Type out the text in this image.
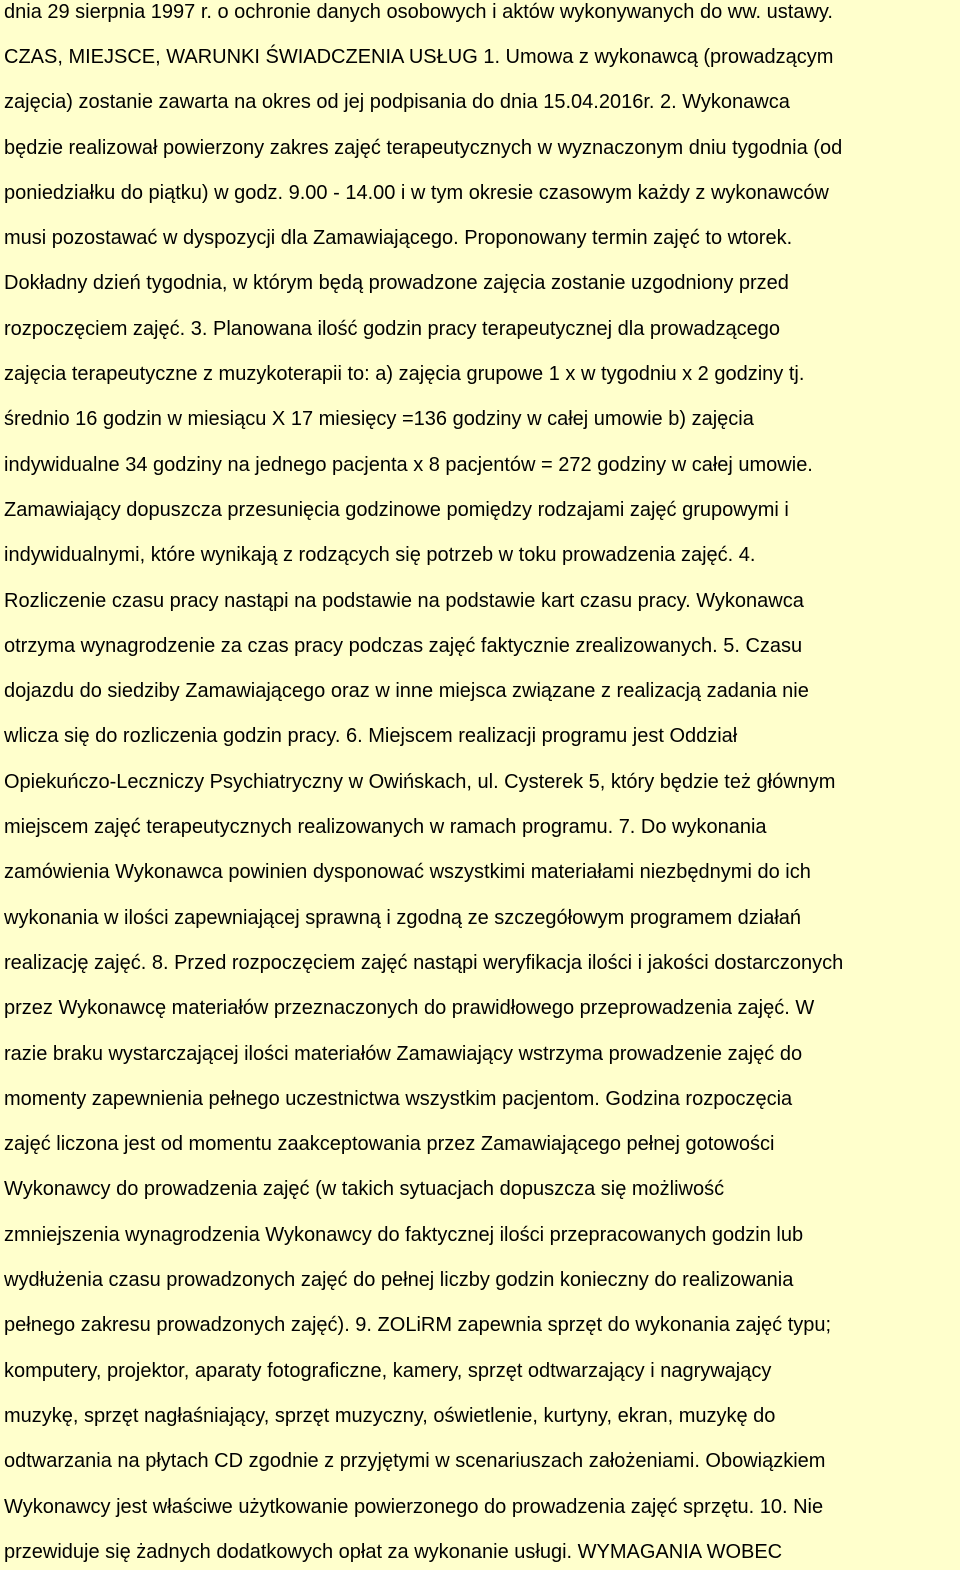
dnia 29 sierpnia 1997 r. o ochronie danych osobowych i aktów wykonywanych do ww. ustawy.

CZAS, MIEJSCE, WARUNKI ŚWIADCZENIA USŁUG 1. Umowa z wykonawcą (prowadzącym

zajęcia) zostanie zawarta na okres od jej podpisania do dnia 15.04.2016r. 2. Wykonawca

będzie realizował powierzony zakres zajęć terapeutycznych w wyznaczonym dniu tygodnia (od

poniedziałku do piątku) w godz. 9.00 - 14.00 i w tym okresie czasowym każdy z wykonawców

musi pozostawać w dyspozycji dla Zamawiającego. Proponowany termin zajęć to wtorek.

Dokładny dzień tygodnia, w którym będą prowadzone zajęcia zostanie uzgodniony przed

rozpoczęciem zajęć. 3. Planowana ilość godzin pracy terapeutycznej dla prowadzącego

zajęcia terapeutyczne z muzykoterapii to: a) zajęcia grupowe 1 x w tygodniu x 2 godziny tj.

średnio 16 godzin w miesiącu X 17 miesięcy =136 godziny w całej umowie b) zajęcia

indywidualne 34 godziny na jednego pacjenta x 8 pacjentów = 272 godziny w całej umowie.

Zamawiający dopuszcza przesunięcia godzinowe pomiędzy rodzajami zajęć grupowymi i

indywidualnymi, które wynikają z rodzących się potrzeb w toku prowadzenia zajęć. 4.

Rozliczenie czasu pracy nastąpi na podstawie na podstawie kart czasu pracy. Wykonawca

otrzyma wynagrodzenie za czas pracy podczas zajęć faktycznie zrealizowanych. 5. Czasu

dojazdu do siedziby Zamawiającego oraz w inne miejsca związane z realizacją zadania nie

wlicza się do rozliczenia godzin pracy. 6. Miejscem realizacji programu jest Oddział

Opiekuńczo-Leczniczy Psychiatryczny w Owińskach, ul. Cysterek 5, który będzie też głównym

miejscem zajęć terapeutycznych realizowanych w ramach programu. 7. Do wykonania

zamówienia Wykonawca powinien dysponować wszystkimi materiałami niezbędnymi do ich

wykonania w ilości zapewniającej sprawną i zgodną ze szczegółowym programem działań

realizację zajęć. 8. Przed rozpoczęciem zajęć nastąpi weryfikacja ilości i jakości dostarczonych

przez Wykonawcę materiałów przeznaczonych do prawidłowego przeprowadzenia zajęć. W

razie braku wystarczającej ilości materiałów Zamawiający wstrzyma prowadzenie zajęć do

momenty zapewnienia pełnego uczestnictwa wszystkim pacjentom. Godzina rozpoczęcia

zajęć liczona jest od momentu zaakceptowania przez Zamawiającego pełnej gotowości

Wykonawcy do prowadzenia zajęć (w takich sytuacjach dopuszcza się możliwość

zmniejszenia wynagrodzenia Wykonawcy do faktycznej ilości przepracowanych godzin lub

wydłużenia czasu prowadzonych zajęć do pełnej liczby godzin konieczny do realizowania

pełnego zakresu prowadzonych zajęć). 9. ZOLiRM zapewnia sprzęt do wykonania zajęć typu;

komputery, projektor, aparaty fotograficzne, kamery, sprzęt odtwarzający i nagrywający

muzykę, sprzęt nagłaśniający, sprzęt muzyczny, oświetlenie, kurtyny, ekran, muzykę do

odtwarzania na płytach CD zgodnie z przyjętymi w scenariuszach założeniami. Obowiązkiem

Wykonawcy jest właściwe użytkowanie powierzonego do prowadzenia zajęć sprzętu. 10. Nie

przewiduje się żadnych dodatkowych opłat za wykonanie usługi. WYMAGANIA WOBEC
